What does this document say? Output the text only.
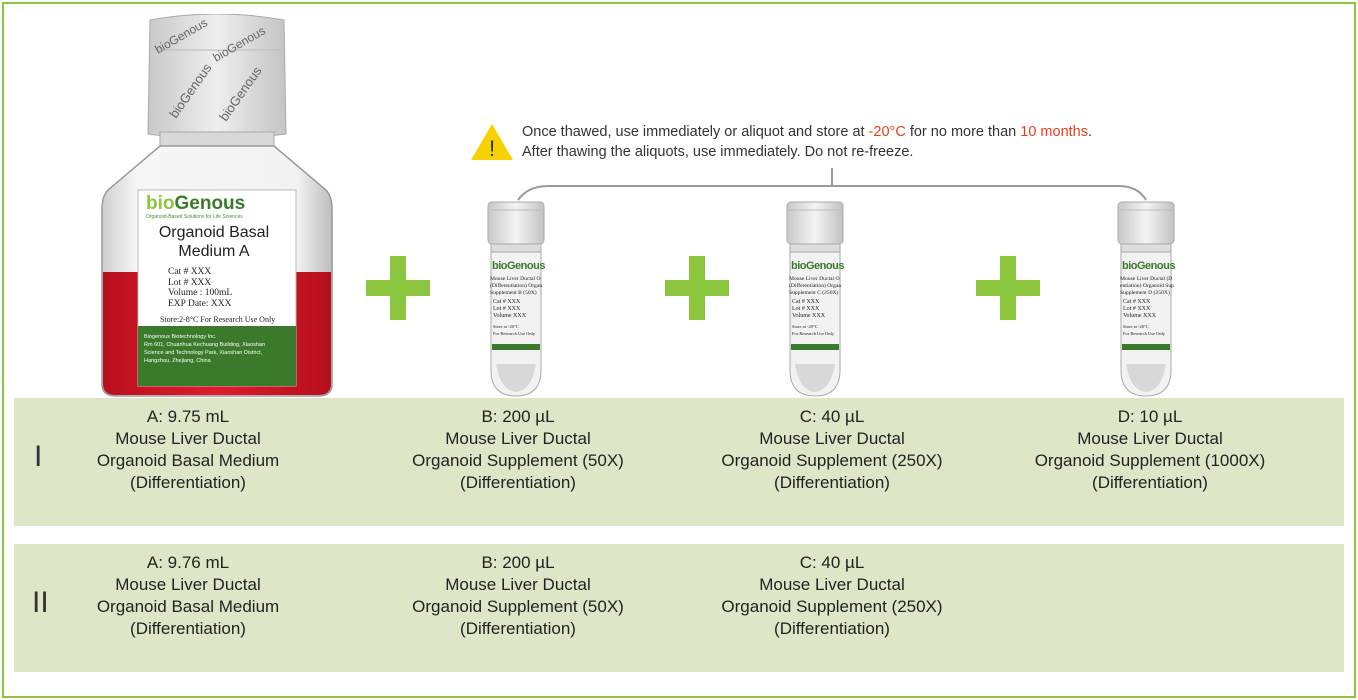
bioGenous bioGenous
bioGenous bioGenous
bioGenous
Organoid-Based Solutions for Life Sciences
Organoid Basal
Medium A
Cat # XXX
Lot # XXX
Volume : 100mL
EXP Date: XXX
Store:2-8°C For Research Use Only
Biogenous Biotechnology Inc.
Rm 601, Chuanhua Kechuang Building, Xiaoshan
Science and Technology Park, Xiaoshan District,
Hangzhou, Zhejiang, China
!
Once thawed, use immediately or aliquot and store at -20°C for no more than 10 months.
After thawing the aliquots, use immediately. Do not re-freeze.
bioGenous
Mouse Liver Ductal O
(Differentiation) Organ
Supplement B (50X)
Cat # XXX
Lot # XXX
Volume XXX
Store at -20°C
For Research Use Only
bioGenous
Mouse Liver Ductal O
(Differentiation) Organ
Supplement C (250X)
Cat # XXX
Lot # XXX
Volume XXX
Store at -20°C
For Research Use Only
bioGenous
Mouse Liver Ductal (D
entiation) Organoid Sup
Supplement D (250X)
Cat # XXX
Lot # XXX
Volume XXX
Store at -20°C
For Research Use Only
I
II
A: 9.75 mL
Mouse Liver Ductal
Organoid Basal Medium
(Differentiation)
B: 200 µL
Mouse Liver Ductal
Organoid Supplement (50X)
(Differentiation)
C: 40 µL
Mouse Liver Ductal
Organoid Supplement (250X)
(Differentiation)
D: 10 µL
Mouse Liver Ductal
Organoid Supplement (1000X)
(Differentiation)
A: 9.76 mL
Mouse Liver Ductal
Organoid Basal Medium
(Differentiation)
B: 200 µL
Mouse Liver Ductal
Organoid Supplement (50X)
(Differentiation)
C: 40 µL
Mouse Liver Ductal
Organoid Supplement (250X)
(Differentiation)
